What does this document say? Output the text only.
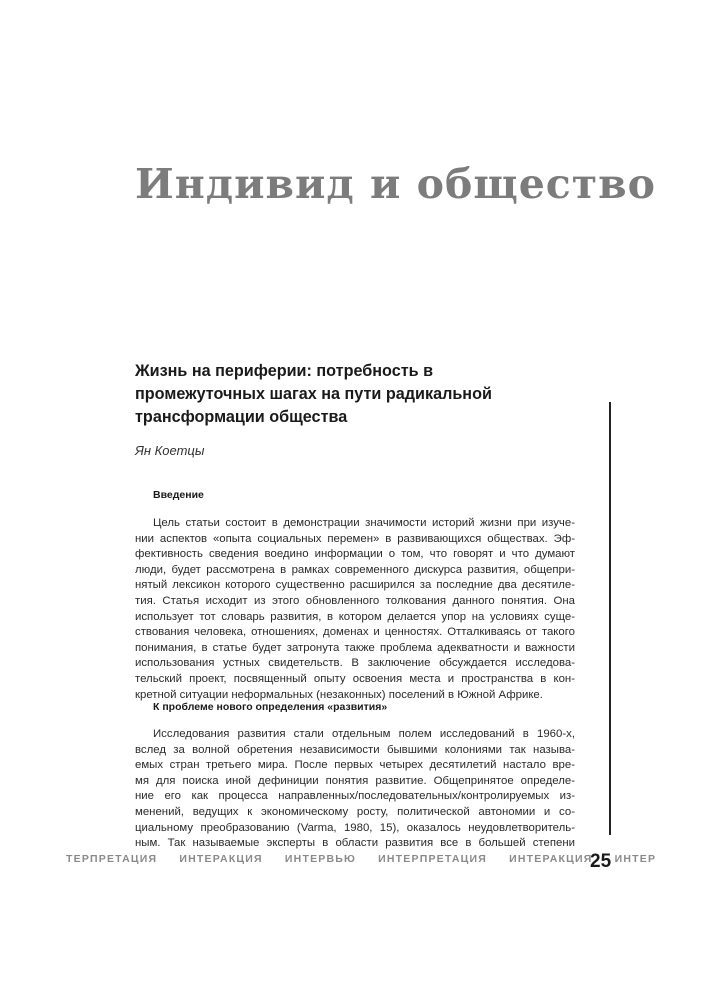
Индивид и общество
Жизнь на периферии: потребность в
промежуточных шагах на пути радикальной
трансформации общества
Ян Коетцы
Введение
Цель статьи состоит в демонстрации значимости историй жизни при изуче-
нии аспектов «опыта социальных перемен» в развивающихся обществах. Эф-
фективность сведения воедино информации о том, что говорят и что думают
люди, будет рассмотрена в рамках современного дискурса развития, общепри-
нятый лексикон которого существенно расширился за последние два десятиле-
тия. Статья исходит из этого обновленного толкования данного понятия. Она
использует тот словарь развития, в котором делается упор на условиях суще-
ствования человека, отношениях, доменах и ценностях. Отталкиваясь от такого
понимания, в статье будет затронута также проблема адекватности и важности
использования устных свидетельств. В заключение обсуждается исследова-
тельский проект, посвященный опыту освоения места и пространства в кон-
кретной ситуации неформальных (незаконных) поселений в Южной Африке.
К проблеме нового определения «развития»
Исследования развития стали отдельным полем исследований в 1960-х,
вслед за волной обретения независимости бывшими колониями так называ-
емых стран третьего мира. После первых четырех десятилетий настало вре-
мя для поиска иной дефиниции понятия развитие. Общепринятое определе-
ние его как процесса направленных/последовательных/контролируемых из-
менений, ведущих к экономическому росту, политической автономии и со-
циальному преобразованию (Varma, 1980, 15), оказалось неудовлетворитель-
ным. Так называемые эксперты в области развития все в большей степени
ТЕРПРЕТАЦИЯ ИНТЕРАКЦИЯ ИНТЕРВЬЮ ИНТЕРПРЕТАЦИЯ ИНТЕРАКЦИЯ ИНТЕР
25
